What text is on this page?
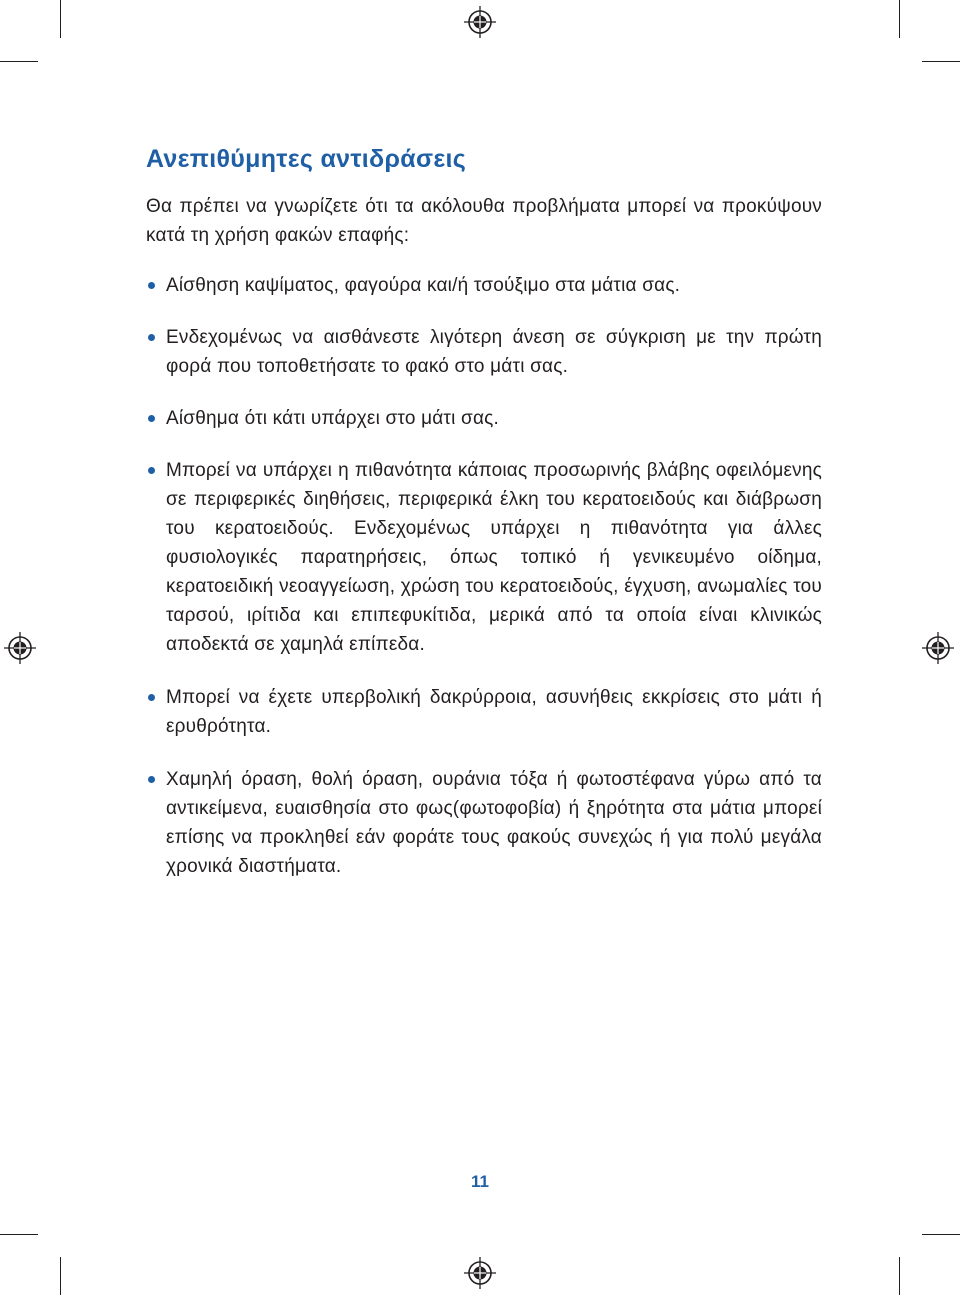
Ανεπιθύμητες αντιδράσεις

Θα πρέπει να γνωρίζετε ότι τα ακόλουθα προβλήματα μπορεί να προκύψουν κατά τη χρήση φακών επαφής:

Αίσθηση καψίματος, φαγούρα και/ή τσούξιμο στα μάτια σας.
Ενδεχομένως να αισθάνεστε λιγότερη άνεση σε σύγκριση με την πρώτη φορά που τοποθετήσατε το φακό στο μάτι σας.
Αίσθημα ότι κάτι υπάρχει στο μάτι σας.
Μπορεί να υπάρχει η πιθανότητα κάποιας προσωρινής βλάβης οφειλόμενης σε περιφερικές διηθήσεις, περιφερικά έλκη του κερατοειδούς και διάβρωση του κερατοειδούς. Ενδεχομένως υπάρχει η πιθανότητα για άλλες φυσιολογικές παρατηρήσεις, όπως τοπικό ή γενικευμένο οίδημα, κερατοειδική νεοαγγείωση, χρώση του κερατοειδούς, έγχυση, ανωμαλίες του ταρσού, ιρίτιδα και επιπεφυκίτιδα, μερικά από τα οποία είναι κλινικώς αποδεκτά σε χαμηλά επίπεδα.
Μπορεί να έχετε υπερβολική δακρύρροια, ασυνήθεις εκκρίσεις στο μάτι ή ερυθρότητα.
Χαμηλή όραση, θολή όραση, ουράνια τόξα ή φωτοστέφανα γύρω από τα αντικείμενα, ευαισθησία στο φως(φωτοφοβία) ή ξηρότητα στα μάτια μπορεί επίσης να προκληθεί εάν φοράτε τους φακούς συνεχώς ή για πολύ μεγάλα χρονικά διαστήματα.
11
